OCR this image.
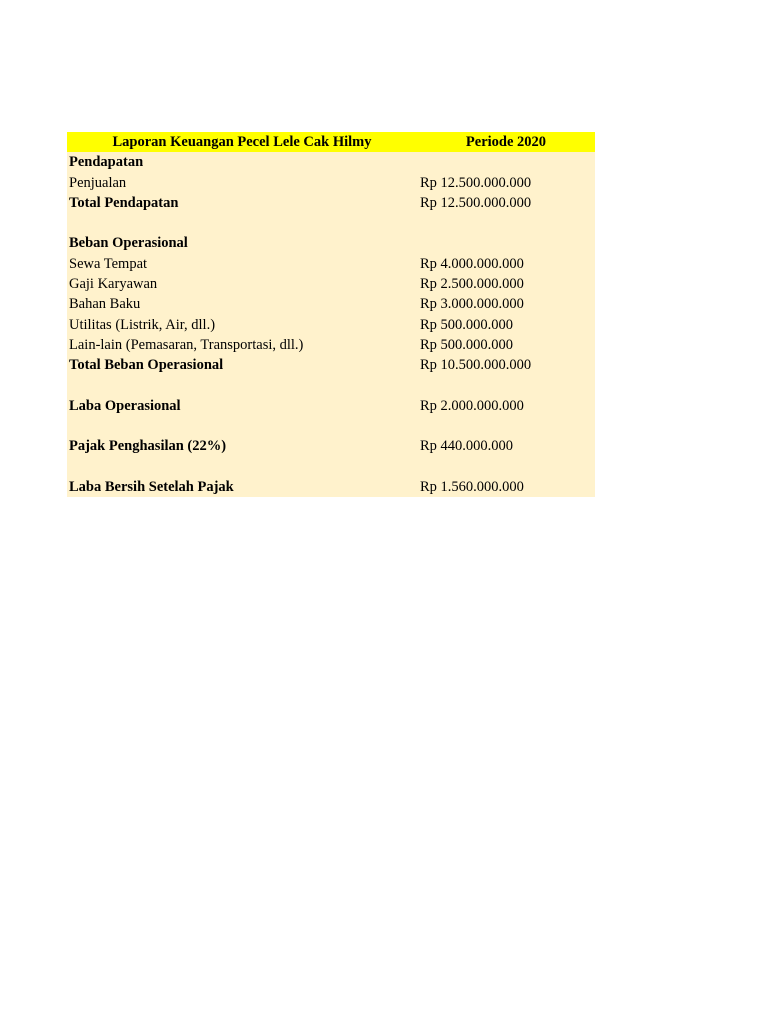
Laporan Keuangan Pecel Lele Cak Hilmy	Periode 2020
Pendapatan	
Penjualan	Rp 12.500.000.000
Total Pendapatan	Rp 12.500.000.000

Beban Operasional	
Sewa Tempat	Rp 4.000.000.000
Gaji Karyawan	Rp 2.500.000.000
Bahan Baku	Rp 3.000.000.000
Utilitas (Listrik, Air, dll.)	Rp 500.000.000
Lain-lain (Pemasaran, Transportasi, dll.)	Rp 500.000.000
Total Beban Operasional	Rp 10.500.000.000

Laba Operasional	Rp 2.000.000.000

Pajak Penghasilan (22%)	Rp 440.000.000

Laba Bersih Setelah Pajak	Rp 1.560.000.000
